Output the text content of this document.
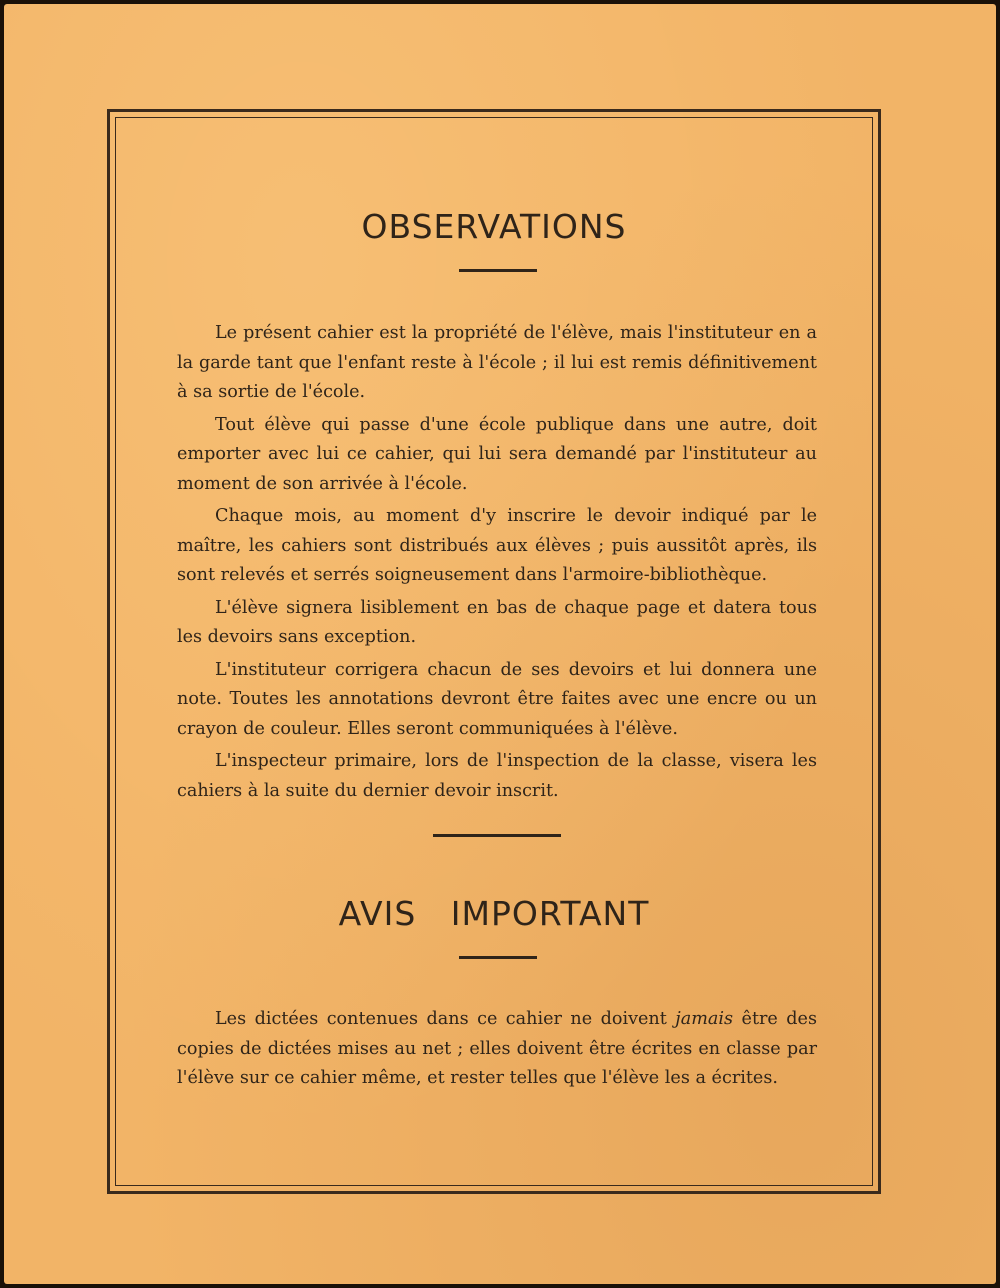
OBSERVATIONS

Le présent cahier est la propriété de l'élève, mais l'instituteur en a la garde tant que l'enfant reste à l'école ; il lui est remis définitivement à sa sortie de l'école.

Tout élève qui passe d'une école publique dans une autre, doit emporter avec lui ce cahier, qui lui sera demandé par l'instituteur au moment de son arrivée à l'école.

Chaque mois, au moment d'y inscrire le devoir indiqué par le maître, les cahiers sont distribués aux élèves ; puis aussitôt après, ils sont relevés et serrés soigneusement dans l'armoire-bibliothèque.

L'élève signera lisiblement en bas de chaque page et datera tous les devoirs sans exception.

L'instituteur corrigera chacun de ses devoirs et lui donnera une note. Toutes les annotations devront être faites avec une encre ou un crayon de couleur. Elles seront communiquées à l'élève.

L'inspecteur primaire, lors de l'inspection de la classe, visera les cahiers à la suite du dernier devoir inscrit.

AVIS   IMPORTANT

Les dictées contenues dans ce cahier ne doivent jamais être des copies de dictées mises au net ; elles doivent être écrites en classe par l'élève sur ce cahier même, et rester telles que l'élève les a écrites.
